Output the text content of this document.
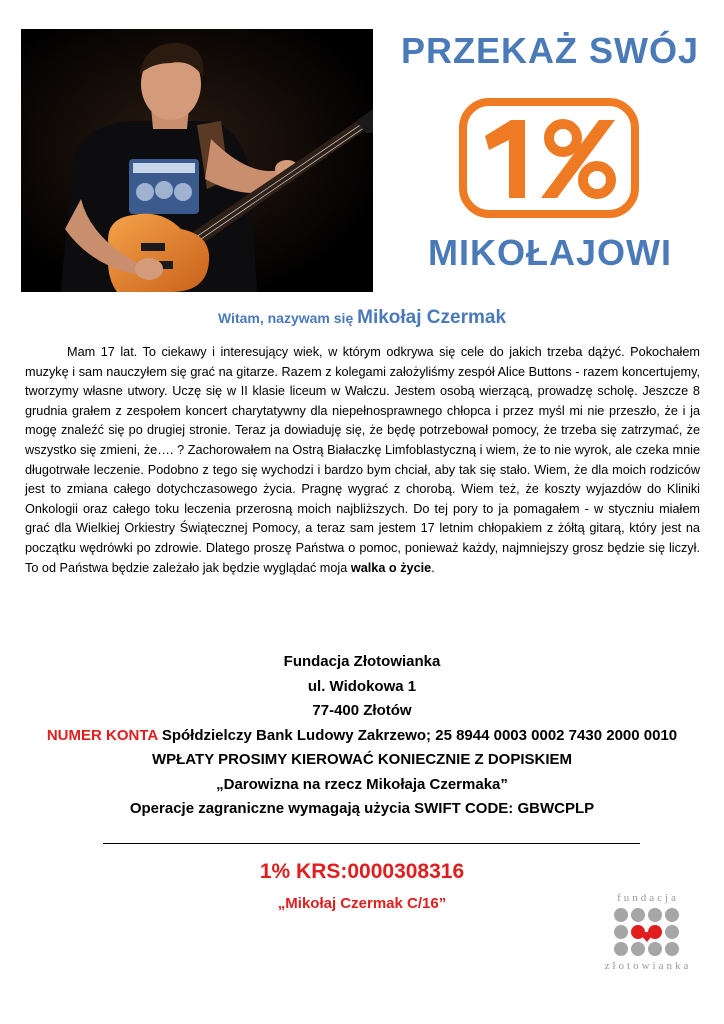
PRZEKAŻ SWÓJ
MIKOŁAJOWI
Witam, nazywam się Mikołaj Czermak

Mam 17 lat. To ciekawy i interesujący wiek, w którym odkrywa się cele do jakich trzeba dążyć. Pokochałem muzykę i sam nauczyłem się grać na gitarze. Razem z kolegami założyliśmy zespół Alice Buttons - razem koncertujemy, tworzymy własne utwory. Uczę się w II klasie liceum w Wałczu. Jestem osobą wierzącą, prowadzę scholę. Jeszcze 8 grudnia grałem z zespołem koncert charytatywny dla niepełnosprawnego chłopca i przez myśl mi nie przeszło, że i ja mogę znaleźć się po drugiej stronie. Teraz ja dowiaduję się, że będę potrzebował pomocy, że trzeba się zatrzymać, że wszystko się zmieni, że…. ? Zachorowałem na Ostrą Białaczkę Limfoblastyczną i wiem, że to nie wyrok, ale czeka mnie długotrwałe leczenie. Podobno z tego się wychodzi i bardzo bym chciał, aby tak się stało. Wiem, że dla moich rodziców jest to zmiana całego dotychczasowego życia. Pragnę wygrać z chorobą. Wiem też, że koszty wyjazdów do Kliniki Onkologii oraz całego toku leczenia przerosną moich najbliższych. Do tej pory to ja pomagałem - w styczniu miałem grać dla Wielkiej Orkiestry Świątecznej Pomocy, a teraz sam jestem 17 letnim chłopakiem z żółtą gitarą, który jest na początku wędrówki po zdrowie. Dlatego proszę Państwa o pomoc, ponieważ każdy, najmniejszy grosz będzie się liczył. To od Państwa będzie zależało jak będzie wyglądać moja walka o życie.

Fundacja Złotowianka
ul. Widokowa 1
77-400 Złotów
NUMER KONTA Spółdzielczy Bank Ludowy Zakrzewo; 25 8944 0003 0002 7430 2000 0010
WPŁATY PROSIMY KIEROWAĆ KONIECZNIE Z DOPISKIEM
„Darowizna na rzecz Mikołaja Czermaka”
Operacje zagraniczne wymagają użycia SWIFT CODE: GBWCPLP
1% KRS:0000308316
„Mikołaj Czermak C/16”	fundacja
złotowianka
